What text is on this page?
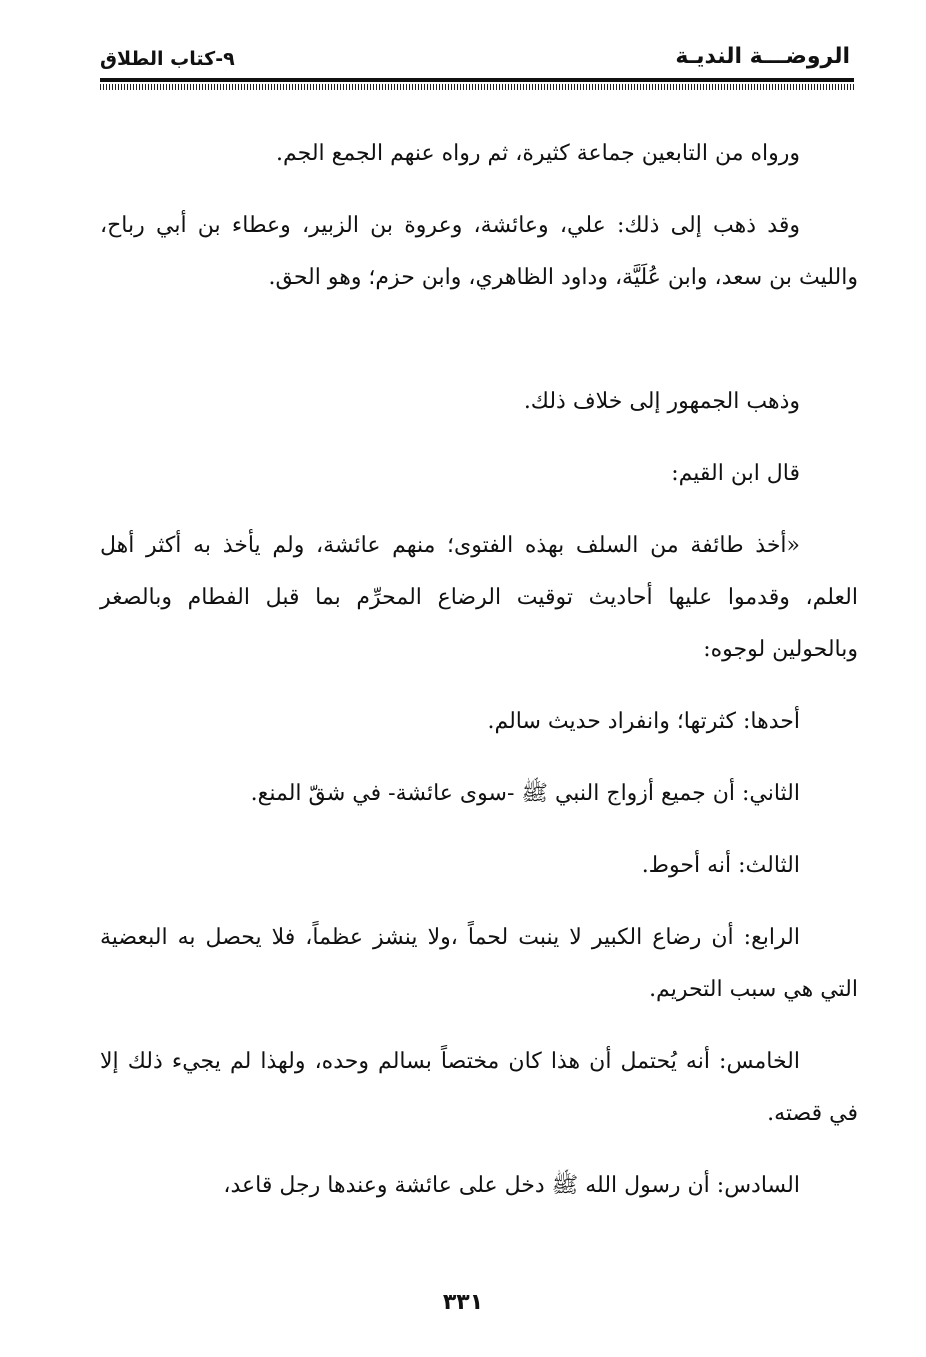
الروضـــة النديـة
٩-كتاب الطلاق

ورواه من التابعين جماعة كثيرة، ثم رواه عنهم الجمع الجم.

وقد ذهب إلى ذلك: علي، وعائشة، وعروة بن الزبير، وعطاء بن أبي رباح، والليث بن سعد، وابن عُلَيَّة، وداود الظاهري، وابن حزم؛ وهو الحق.

وذهب الجمهور إلى خلاف ذلك.

قال ابن القيم:

«أخذ طائفة من السلف بهذه الفتوى؛ منهم عائشة، ولم يأخذ به أكثر أهل العلم، وقدموا عليها أحاديث توقيت الرضاع المحرِّم بما قبل الفطام وبالصغر وبالحولين لوجوه:

أحدها: كثرتها؛ وانفراد حديث سالم.

الثاني: أن جميع أزواج النبي ﷺ -سوى عائشة- في شقّ المنع.

الثالث: أنه أحوط.

الرابع: أن رضاع الكبير لا ينبت لحماً ،ولا ينشز عظماً، فلا يحصل به البعضية التي هي سبب التحريم.

الخامس: أنه يُحتمل أن هذا كان مختصاً بسالم وحده، ولهذا لم يجيء ذلك إلا في قصته.

السادس: أن رسول الله ﷺ دخل على عائشة وعندها رجل قاعد،

٣٣١
